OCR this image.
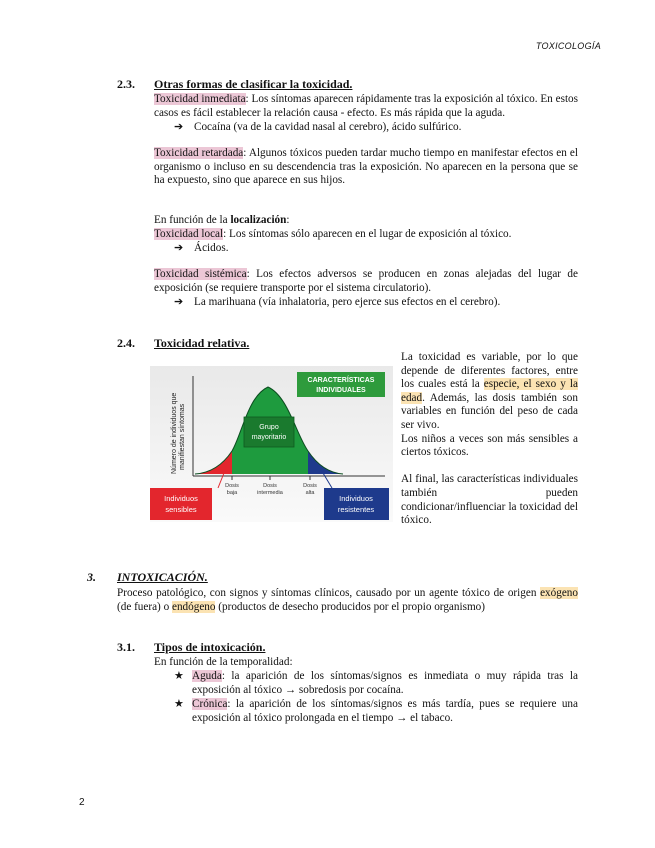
TOXICOLOGÍA
2.3. Otras formas de clasificar la toxicidad.
Toxicidad inmediata: Los síntomas aparecen rápidamente tras la exposición al tóxico. En estos casos es fácil establecer la relación causa - efecto. Es más rápida que la aguda.
➔ Cocaína (va de la cavidad nasal al cerebro), ácido sulfúrico.
Toxicidad retardada: Algunos tóxicos pueden tardar mucho tiempo en manifestar efectos en el organismo o incluso en su descendencia tras la exposición. No aparecen en la persona que se ha expuesto, sino que aparece en sus hijos.
En función de la localización:
Toxicidad local: Los síntomas sólo aparecen en el lugar de exposición al tóxico.
➔ Ácidos.
Toxicidad sistémica: Los efectos adversos se producen en zonas alejadas del lugar de exposición (se requiere transporte por el sistema circulatorio).
➔ La marihuana (vía inhalatoria, pero ejerce sus efectos en el cerebro).
2.4. Toxicidad relativa.
Número de individuos que manifiestan síntomas
CARACTERÍSTICAS
INDIVIDUALES
Grupo
mayoritario
Dosis
baja
Dosis
intermedia
Dosis
alta
Individuos
sensibles
Individuos
resistentes
La toxicidad es variable, por lo que depende de diferentes factores, entre los cuales está la especie, el sexo y la edad. Además, las dosis también son variables en función del peso de cada ser vivo.
Los niños a veces son más sensibles a ciertos tóxicos.
Al final, las características individuales también pueden condicionar/influenciar la toxicidad del tóxico.
3. INTOXICACIÓN.
Proceso patológico, con signos y síntomas clínicos, causado por un agente tóxico de origen exógeno (de fuera) o endógeno (productos de desecho producidos por el propio organismo)
3.1. Tipos de intoxicación.
En función de la temporalidad:
★ Aguda: la aparición de los síntomas/signos es inmediata o muy rápida tras la exposición al tóxico → sobredosis por cocaína.
★ Crónica: la aparición de los síntomas/signos es más tardía, pues se requiere una exposición al tóxico prolongada en el tiempo → el tabaco.
2
